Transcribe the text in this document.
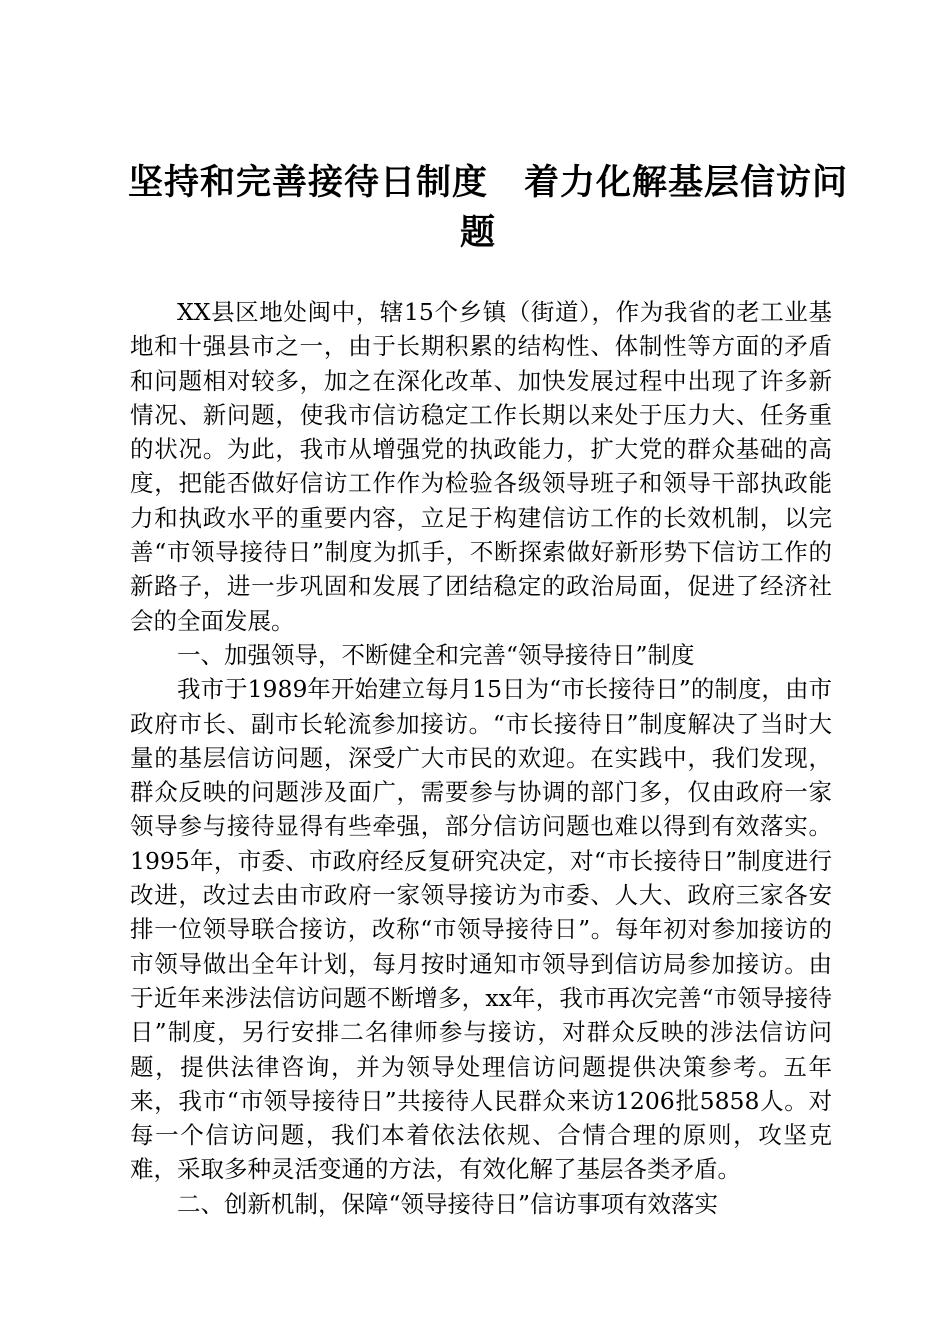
坚持和完善接待日制度　着力化解基层信访问
题

XX县区地处闽中，辖15个乡镇（街道），作为我省的老工业基地和十强县市之一，由于长期积累的结构性、体制性等方面的矛盾和问题相对较多，加之在深化改革、加快发展过程中出现了许多新情况、新问题，使我市信访稳定工作长期以来处于压力大、任务重的状况。为此，我市从增强党的执政能力，扩大党的群众基础的高度，把能否做好信访工作作为检验各级领导班子和领导干部执政能力和执政水平的重要内容，立足于构建信访工作的长效机制，以完善“市领导接待日”制度为抓手，不断探索做好新形势下信访工作的新路子，进一步巩固和发展了团结稳定的政治局面，促进了经济社会的全面发展。

一、加强领导，不断健全和完善“领导接待日”制度

我市于1989年开始建立每月15日为“市长接待日”的制度，由市政府市长、副市长轮流参加接访。“市长接待日”制度解决了当时大量的基层信访问题，深受广大市民的欢迎。在实践中，我们发现，群众反映的问题涉及面广，需要参与协调的部门多，仅由政府一家领导参与接待显得有些牵强，部分信访问题也难以得到有效落实。1995年，市委、市政府经反复研究决定，对“市长接待日”制度进行改进，改过去由市政府一家领导接访为市委、人大、政府三家各安排一位领导联合接访，改称“市领导接待日”。每年初对参加接访的市领导做出全年计划，每月按时通知市领导到信访局参加接访。由于近年来涉法信访问题不断增多，xx年，我市再次完善“市领导接待日”制度，另行安排二名律师参与接访，对群众反映的涉法信访问题，提供法律咨询，并为领导处理信访问题提供决策参考。五年来，我市“市领导接待日”共接待人民群众来访1206批5858人。对每一个信访问题，我们本着依法依规、合情合理的原则，攻坚克难，采取多种灵活变通的方法，有效化解了基层各类矛盾。

二、创新机制，保障“领导接待日”信访事项有效落实
